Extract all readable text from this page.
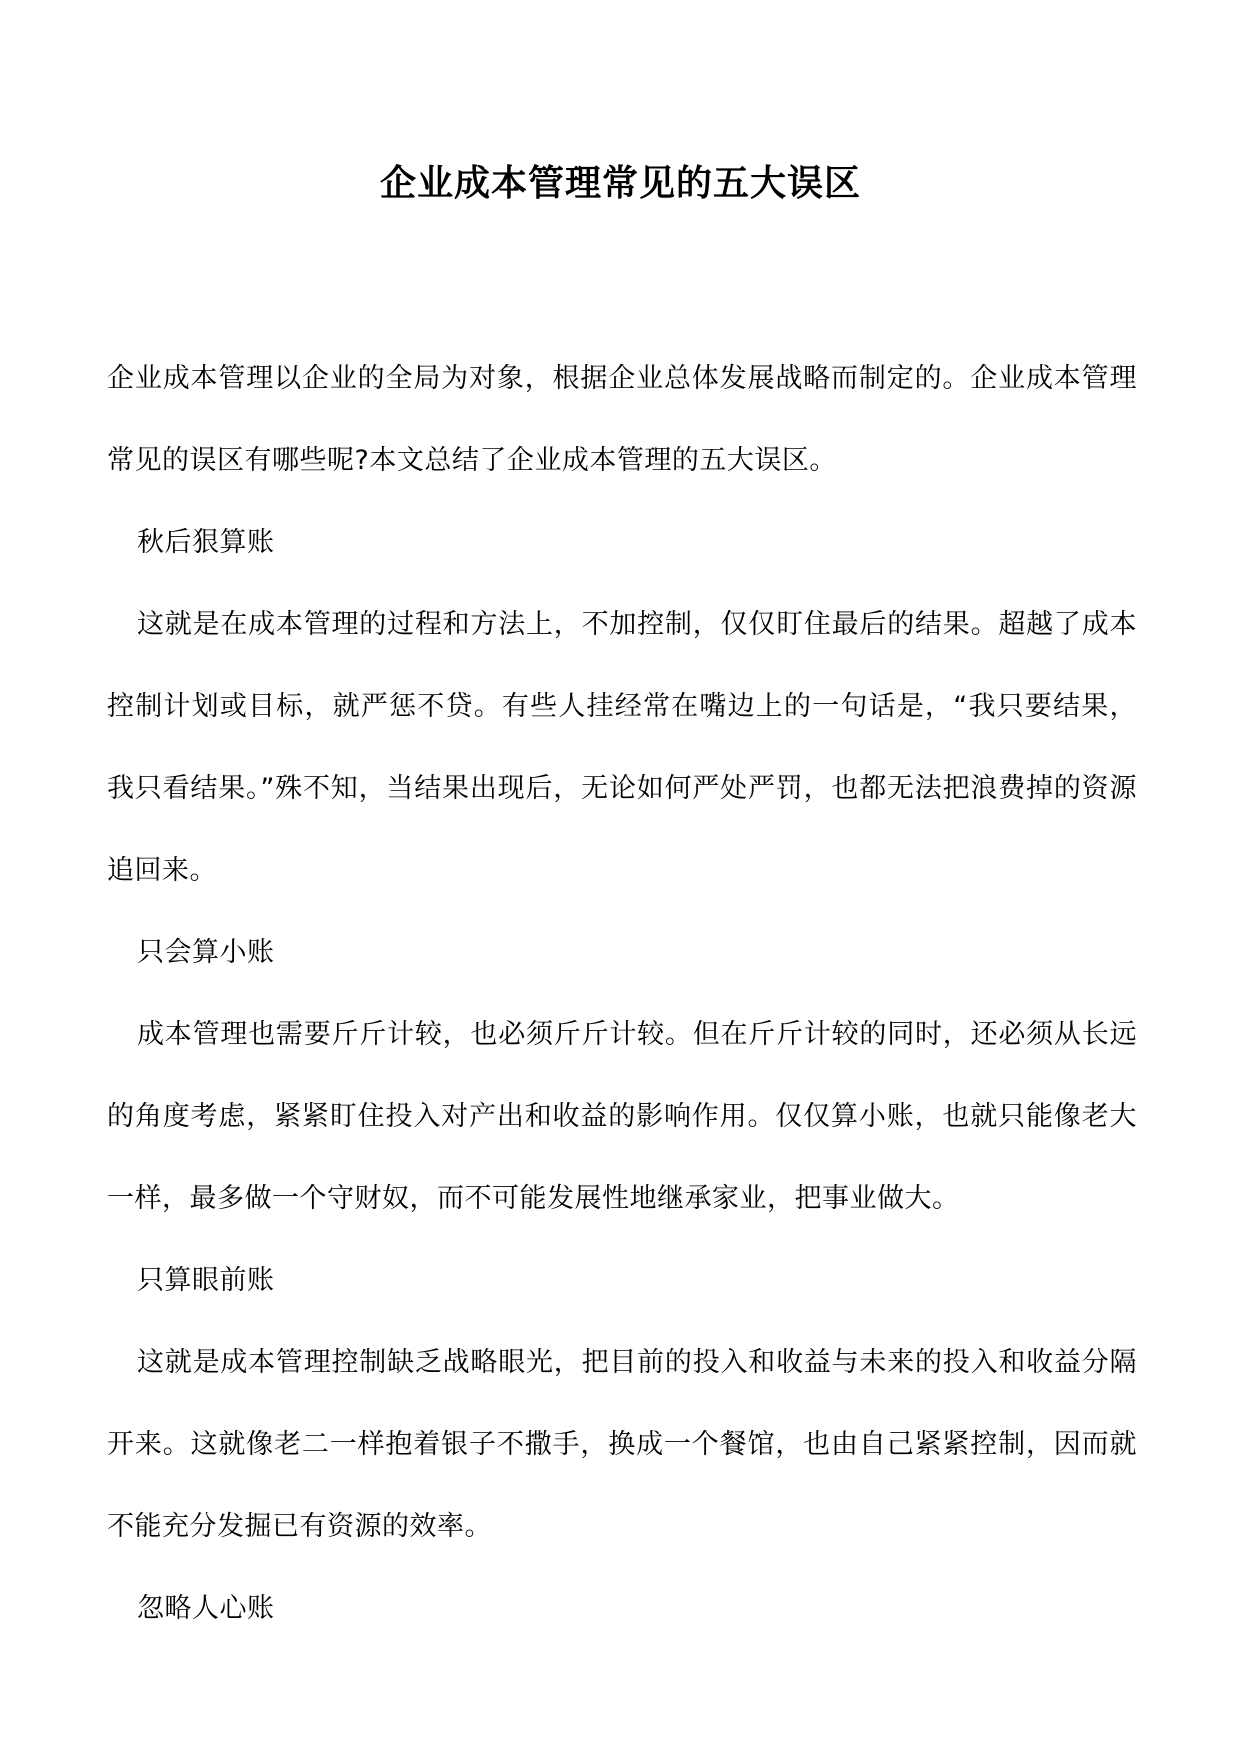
企业成本管理常见的五大误区

企业成本管理以企业的全局为对象，根据企业总体发展战略而制定的。企业成本管理常见的误区有哪些呢?本文总结了企业成本管理的五大误区。

秋后狠算账

这就是在成本管理的过程和方法上，不加控制，仅仅盯住最后的结果。超越了成本控制计划或目标，就严惩不贷。有些人挂经常在嘴边上的一句话是，“我只要结果，我只看结果。”殊不知，当结果出现后，无论如何严处严罚，也都无法把浪费掉的资源追回来。

只会算小账

成本管理也需要斤斤计较，也必须斤斤计较。但在斤斤计较的同时，还必须从长远的角度考虑，紧紧盯住投入对产出和收益的影响作用。仅仅算小账，也就只能像老大一样，最多做一个守财奴，而不可能发展性地继承家业，把事业做大。

只算眼前账

这就是成本管理控制缺乏战略眼光，把目前的投入和收益与未来的投入和收益分隔开来。这就像老二一样抱着银子不撒手，换成一个餐馆，也由自己紧紧控制，因而就不能充分发掘已有资源的效率。

忽略人心账
